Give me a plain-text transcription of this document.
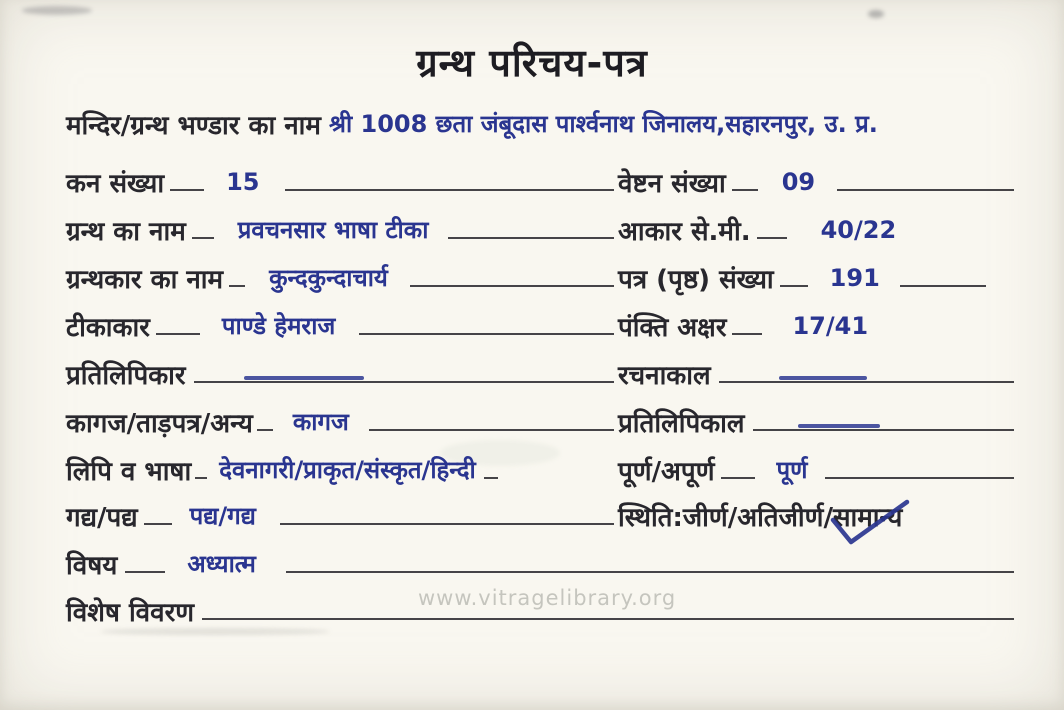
ग्रन्थ परिचय-पत्र
मन्दिर/ग्रन्थ भण्डार का नाम श्री 1008 छता जंबूदास पार्श्वनाथ जिनालय,सहारनपुर, उ. प्र.
कन संख्या	15	वेष्टन संख्या 09
ग्रन्थ का नाम प्रवचनसार भाषा टीका	आकार से.मी.	40/22
ग्रन्थकार का नाम कुन्दकुन्दाचार्य	पत्र (पृष्ठ) संख्या 191
टीकाकार	पाण्डे हेमराज	पंक्ति अक्षर	17/41
प्रतिलिपिकार	रचनाकाल
कागज/ताड़पत्र/अन्य कागज	प्रतिलिपिकाल
लिपि व भाषा देवनागरी/प्राकृत/संस्कृत/हिन्दी	पूर्ण/अपूर्ण	पूर्ण
गद्य/पद्य पद्य/गद्य	स्थिति:जीर्ण/अतिजीर्ण/ सामान्य
विषय	अध्यात्म
विशेष विवरण	www.vitragelibrary.org
